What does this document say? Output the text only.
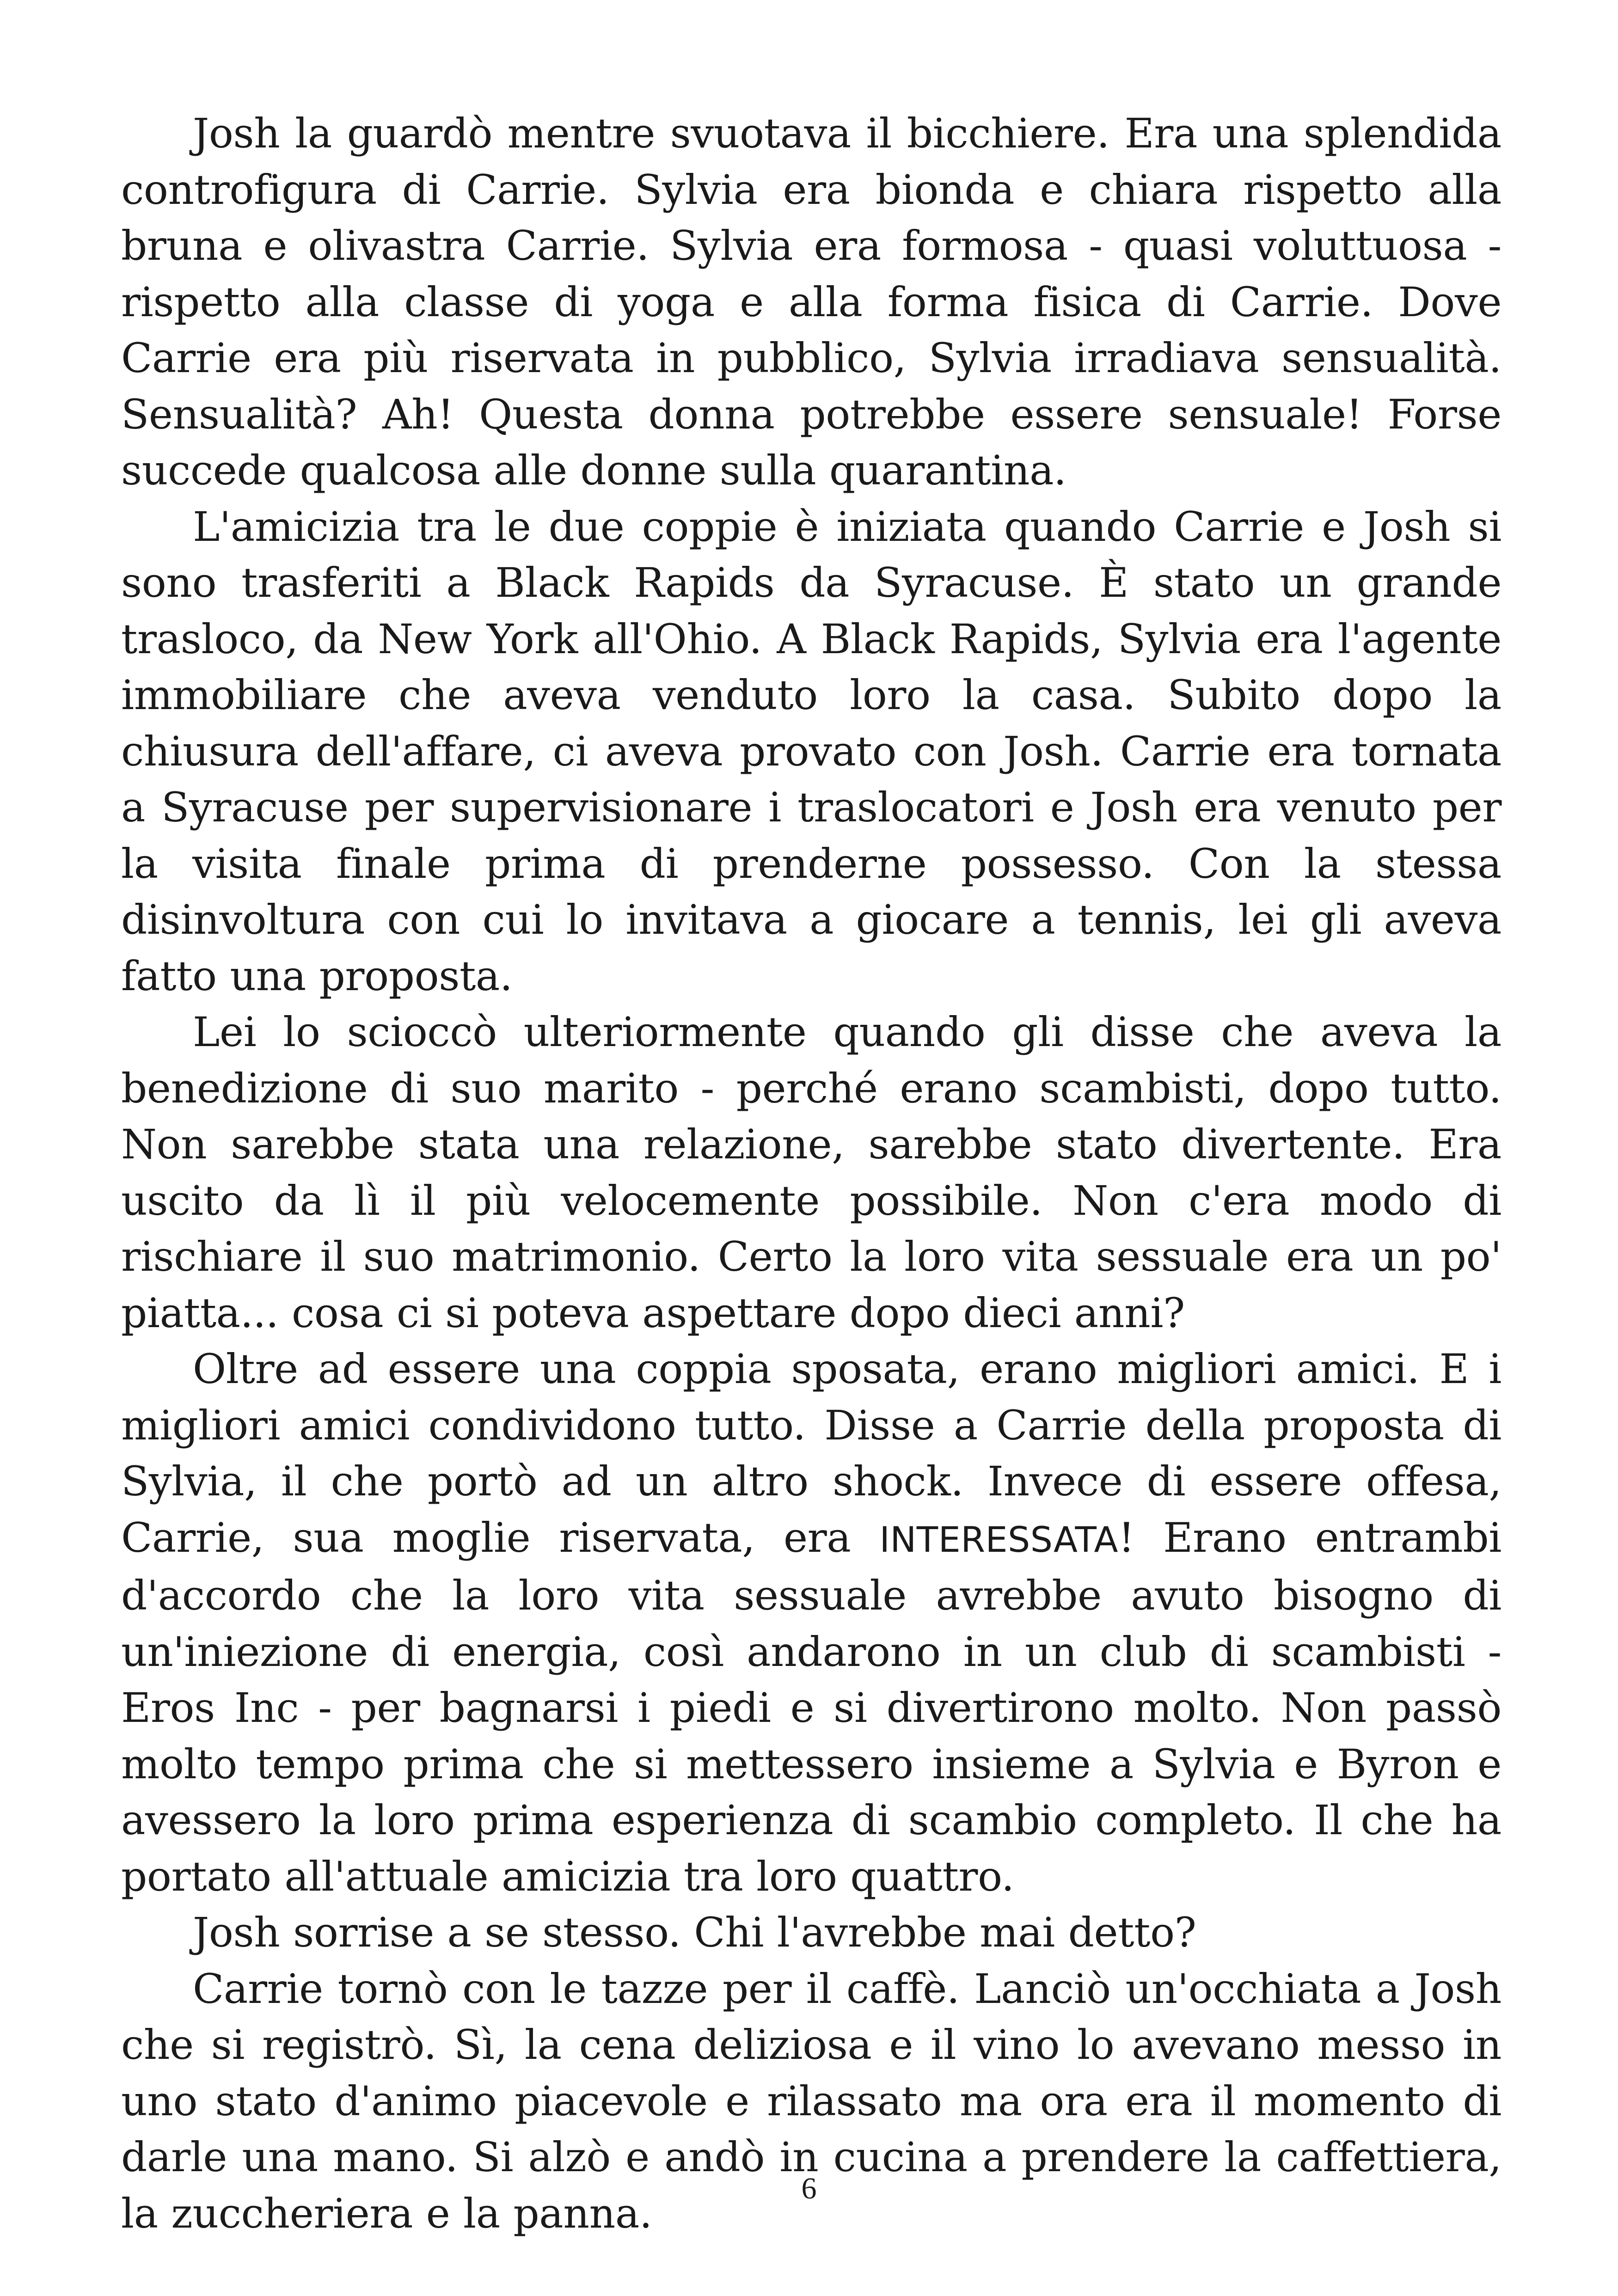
Josh la guardò mentre svuotava il bicchiere. Era una splendida controfigura di Carrie. Sylvia era bionda e chiara rispetto alla bruna e olivastra Carrie. Sylvia era formosa - quasi voluttuosa - rispetto alla classe di yoga e alla forma fisica di Carrie. Dove Carrie era più riservata in pubblico, Sylvia irradiava sensualità. Sensualità? Ah! Questa donna potrebbe essere sensuale! Forse succede qualcosa alle donne sulla quarantina.

L'amicizia tra le due coppie è iniziata quando Carrie e Josh si sono trasferiti a Black Rapids da Syracuse. È stato un grande trasloco, da New York all'Ohio. A Black Rapids, Sylvia era l'agente immobiliare che aveva venduto loro la casa. Subito dopo la chiusura dell'affare, ci aveva provato con Josh. Carrie era tornata a Syracuse per supervisionare i traslocatori e Josh era venuto per la visita finale prima di prenderne possesso. Con la stessa disinvoltura con cui lo invitava a giocare a tennis, lei gli aveva fatto una proposta.

Lei lo scioccò ulteriormente quando gli disse che aveva la benedizione di suo marito - perché erano scambisti, dopo tutto. Non sarebbe stata una relazione, sarebbe stato divertente. Era uscito da lì il più velocemente possibile. Non c'era modo di rischiare il suo matrimonio. Certo la loro vita sessuale era un po' piatta... cosa ci si poteva aspettare dopo dieci anni?

Oltre ad essere una coppia sposata, erano migliori amici. E i migliori amici condividono tutto. Disse a Carrie della proposta di Sylvia, il che portò ad un altro shock. Invece di essere offesa, Carrie, sua moglie riservata, era INTERESSATA! Erano entrambi d'accordo che la loro vita sessuale avrebbe avuto bisogno di un'iniezione di energia, così andarono in un club di scambisti - Eros Inc - per bagnarsi i piedi e si divertirono molto. Non passò molto tempo prima che si mettessero insieme a Sylvia e Byron e avessero la loro prima esperienza di scambio completo. Il che ha portato all'attuale amicizia tra loro quattro.

Josh sorrise a se stesso. Chi l'avrebbe mai detto?

Carrie tornò con le tazze per il caffè. Lanciò un'occhiata a Josh che si registrò. Sì, la cena deliziosa e il vino lo avevano messo in uno stato d'animo piacevole e rilassato ma ora era il momento di darle una mano. Si alzò e andò in cucina a prendere la caffettiera, la zuccheriera e la panna.

6
